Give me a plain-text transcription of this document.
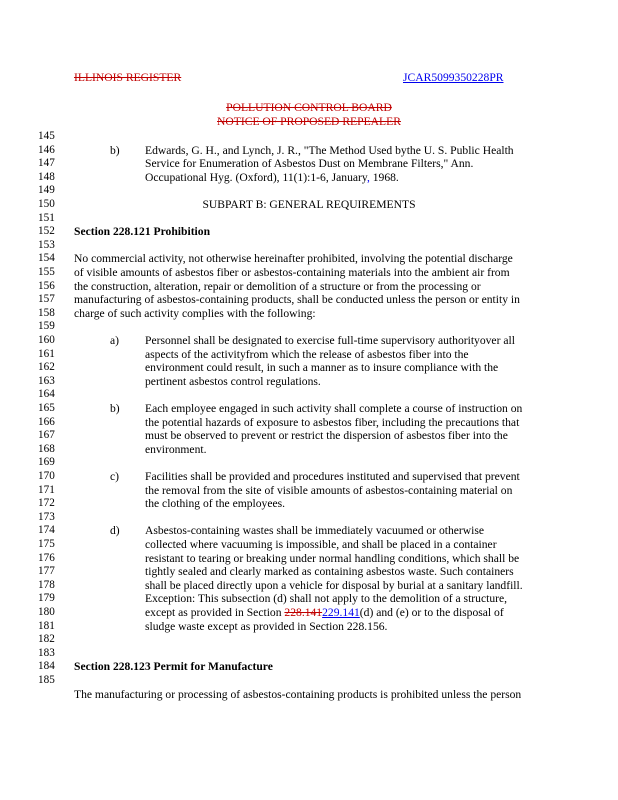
ILLINOIS REGISTER	JCAR5099350228PR
POLLUTION CONTROL BOARD
NOTICE OF PROPOSED REPEALER
145
146
147
148
149
150
151
152
153
154
155
156
157
158
159
160
161
162
163
164
165
166
167
168
169
170
171
172
173
174
175
176
177
178
179
180
181
182
183
184
185
b) Edwards, G. H., and Lynch, J. R., "The Method Used bythe U. S. Public Health
Service for Enumeration of Asbestos Dust on Membrane Filters," Ann.
Occupational Hyg. (Oxford), 11(1):1-6, January, 1968.
SUBPART B: GENERAL REQUIREMENTS
Section 228.121 Prohibition
No commercial activity, not otherwise hereinafter prohibited, involving the potential discharge
of visible amounts of asbestos fiber or asbestos-containing materials into the ambient air from
the construction, alteration, repair or demolition of a structure or from the processing or
manufacturing of asbestos-containing products, shall be conducted unless the person or entity in
charge of such activity complies with the following:
a) Personnel shall be designated to exercise full-time supervisory authorityover all
aspects of the activityfrom which the release of asbestos fiber into the
environment could result, in such a manner as to insure compliance with the
pertinent asbestos control regulations.
b) Each employee engaged in such activity shall complete a course of instruction on
the potential hazards of exposure to asbestos fiber, including the precautions that
must be observed to prevent or restrict the dispersion of asbestos fiber into the
environment.
c) Facilities shall be provided and procedures instituted and supervised that prevent
the removal from the site of visible amounts of asbestos-containing material on
the clothing of the employees.
d) Asbestos-containing wastes shall be immediately vacuumed or otherwise
collected where vacuuming is impossible, and shall be placed in a container
resistant to tearing or breaking under normal handling conditions, which shall be
tightly sealed and clearly marked as containing asbestos waste. Such containers
shall be placed directly upon a vehicle for disposal by burial at a sanitary landfill.
Exception: This subsection (d) shall not apply to the demolition of a structure,
except as provided in Section 228.141229.141(d) and (e) or to the disposal of
sludge waste except as provided in Section 228.156.
Section 228.123 Permit for Manufacture
The manufacturing or processing of asbestos-containing products is prohibited unless the person
